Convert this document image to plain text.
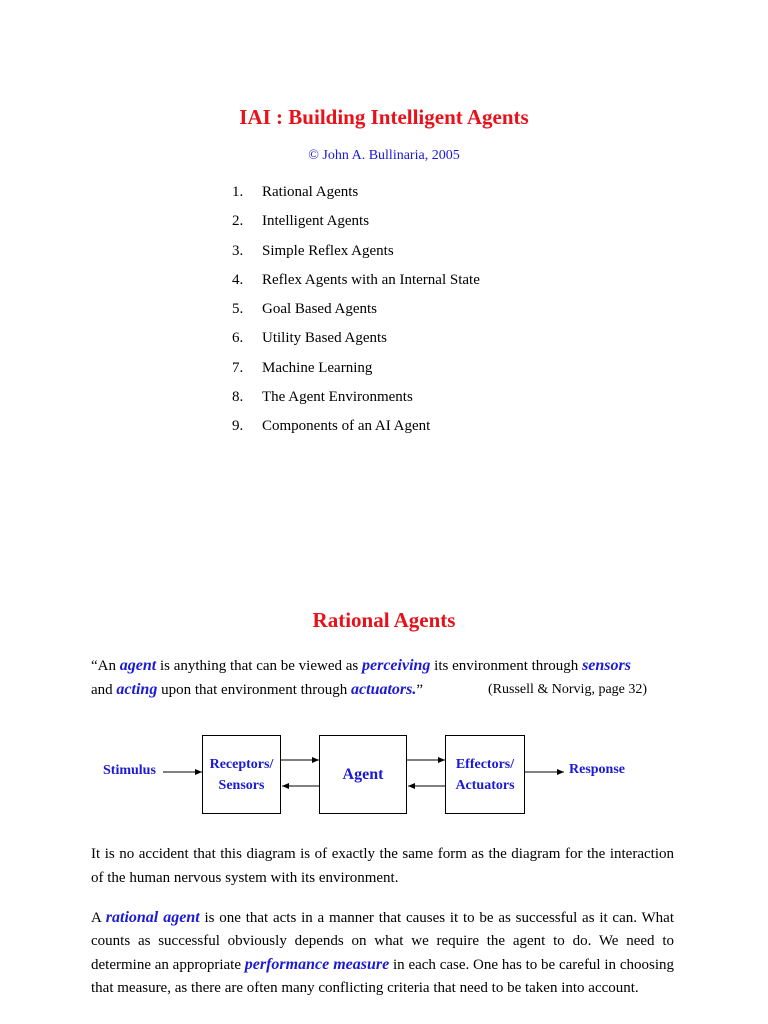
IAI : Building Intelligent Agents
© John A. Bullinaria, 2005
1.	Rational Agents
2.	Intelligent Agents
3.	Simple Reflex Agents
4.	Reflex Agents with an Internal State
5.	Goal Based Agents
6.	Utility Based Agents
7.	Machine Learning
8.	The Agent Environments
9.	Components of an AI Agent
Rational Agents
“An agent is anything that can be viewed as perceiving its environment through sensors
and acting upon that environment through actuators.”	(Russell & Norvig, page 32)
Stimulus	Receptors/
Sensors
Agent
Effectors/
Actuators
Response

It is no accident that this diagram is of exactly the same form as the diagram for the interaction of the human nervous system with its environment.

A rational agent is one that acts in a manner that causes it to be as successful as it can. What counts as successful obviously depends on what we require the agent to do. We need to determine an appropriate performance measure in each case. One has to be careful in choosing that measure, as there are often many conflicting criteria that need to be taken into account.
